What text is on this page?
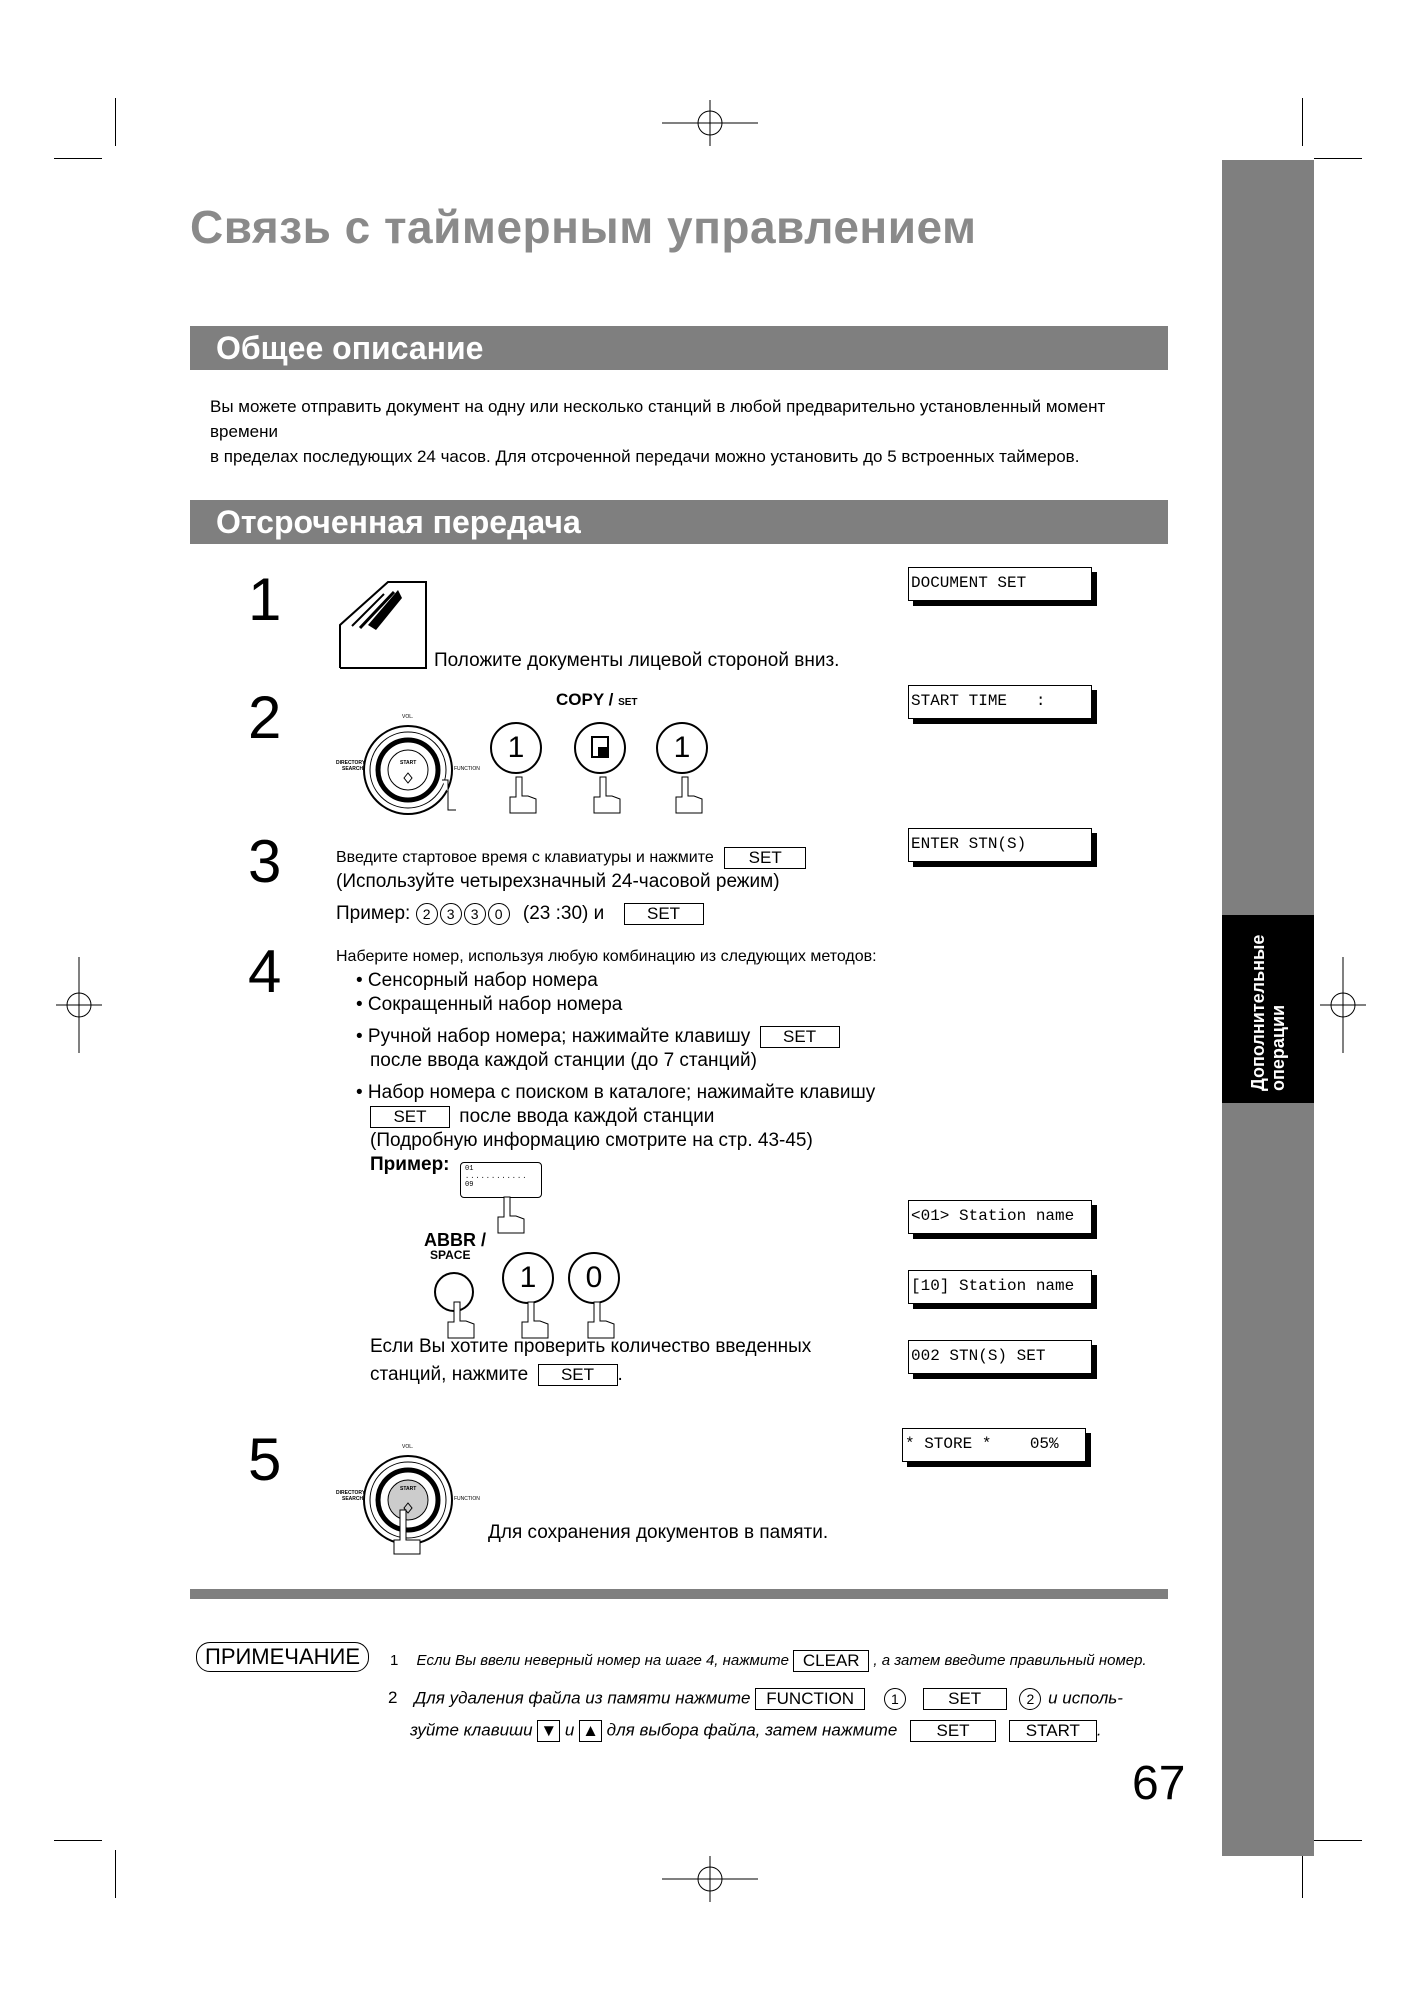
Дополнительные операции
Связь с таймерным управлением
Общее описание
Вы можете отправить документ на одну или несколько станций в любой предварительно установленный момент времени
в пределах последующих 24 часов. Для отсроченной передачи можно установить до 5 встроенных таймеров.
Отсроченная передача
1
Положите документы лицевой стороной вниз.
DOCUMENT SET
2	VOL.
DIRECTORY
SEARCH
START
FUNCTION
COPY / SET
1	1
START TIME   :
3	Введите стартовое время с клавиатуры и нажмите SET
(Используйте четырехзначный 24-часовой режим)
Пример: 2 3 3 0 (23 :30) и	SET
ENTER STN(S)
4	Наберите номер, используя любую комбинацию из следующих методов:
• Сенсорный набор номера
• Сокращенный набор номера
• Ручной набор номера; нажимайте клавишу SET
после ввода каждой станции (до 7 станций)
• Набор номера с поиском в каталоге; нажимайте клавишу
SET после ввода каждой станции
(Подробную информацию смотрите на стр. 43-45)
Пример: 01
............
09
ABBR /
SPACE
1	0
Если Вы хотите проверить количество введенных
станций, нажмите SET .
<01> Station name
[10] Station name
002 STN(S) SET
5	VOL.
DIRECTORY
SEARCH
START
FUNCTION
Для сохранения документов в памяти.
* STORE *    05%
ПРИМЕЧАНИЕ	1 Если Вы ввели неверный номер на шаге 4, нажмите CLEAR , а затем введите правильный номер.
2 Для удаления файла из памяти нажмите FUNCTION	1	SET	2 и исполь-
зуйте клавиши ▼ и ▲ для выбора файла, затем нажмите SET	START .
67
